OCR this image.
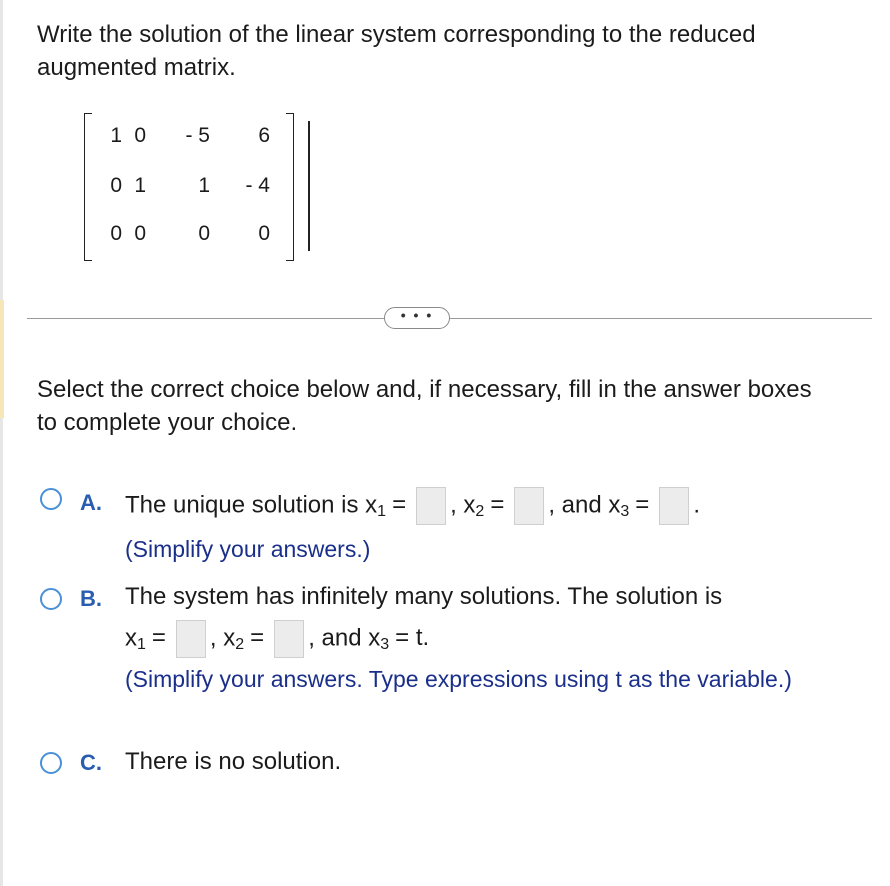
Write the solution of the linear system corresponding to the reduced augmented matrix.
1 0	- 5	6
0 1	1	- 4
0 0	0	0
• • •
Select the correct choice below and, if necessary, fill in the answer boxes to complete your choice.
A. The unique solution is $x_1$ = , $x_2$ = , and $x_3$ = .
(Simplify your answers.)
B. The system has infinitely many solutions. The solution is
$x_1$ = , $x_2$ = , and $x_3 = t$.
(Simplify your answers. Type expressions using t as the variable.)
C. There is no solution.
